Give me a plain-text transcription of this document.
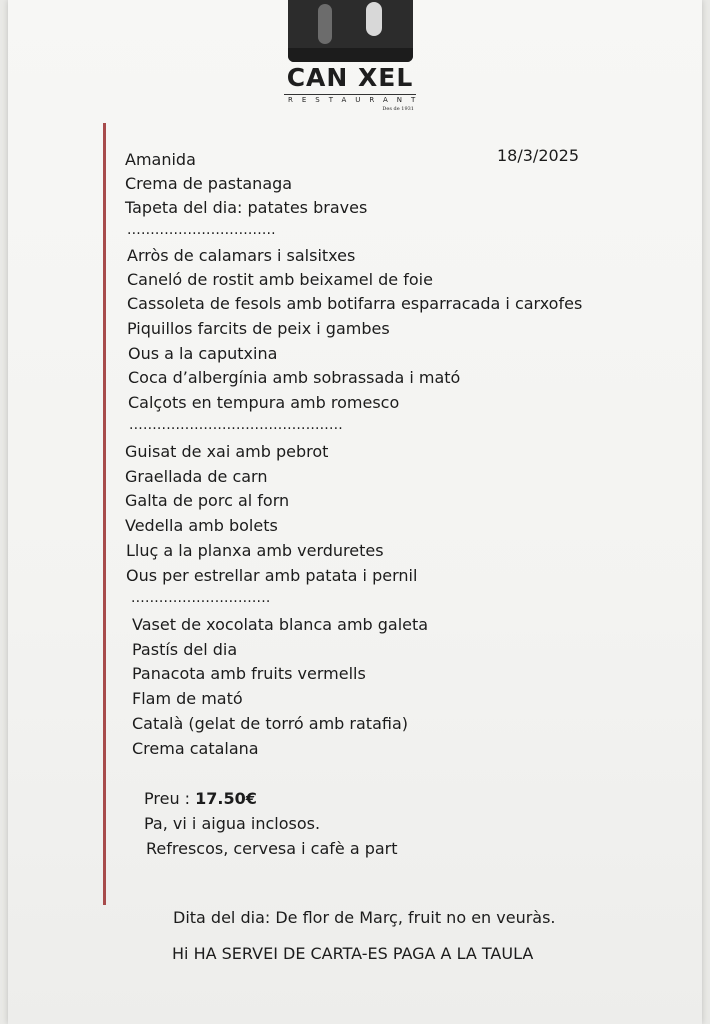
CAN XEL
RESTAURANT
Des de 1931
18/3/2025
Amanida
Crema de pastanaga
Tapeta del dia: patates braves
................................
Arròs de calamars i salsitxes
Caneló de rostit amb beixamel de foie
Cassoleta de fesols amb botifarra esparracada i carxofes
Piquillos farcits de peix i gambes
Ous a la caputxina
Coca d’albergínia amb sobrassada i mató
Calçots en tempura amb romesco
..............................................
Guisat de xai amb pebrot
Graellada de carn
Galta de porc al forn
Vedella amb bolets
Lluç a la planxa amb verduretes
Ous per estrellar amb patata i pernil
..............................
Vaset de xocolata blanca amb galeta
Pastís del dia
Panacota amb fruits vermells
Flam de mató
Català (gelat de torró amb ratafia)
Crema catalana
Preu : 17.50€
Pa, vi i aigua inclosos.
Refrescos, cervesa i cafè a part
Dita del dia: De flor de Març, fruit no en veuràs.
Hi HA SERVEI DE CARTA-ES PAGA A LA TAULA
